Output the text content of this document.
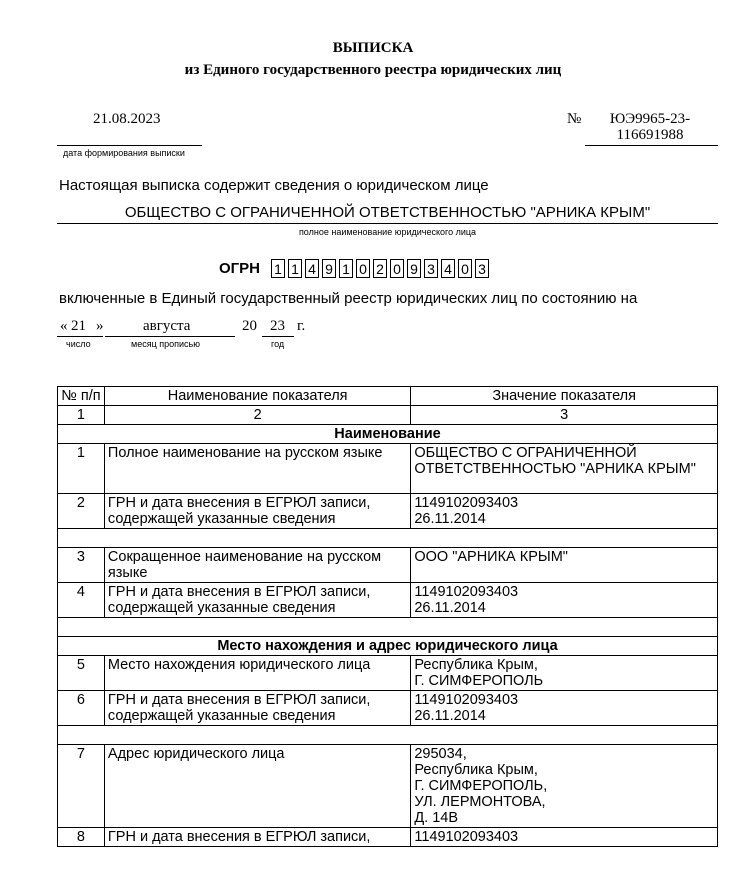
ВЫПИСКА
из Единого государственного реестра юридических лиц
21.08.2023
дата формирования выписки
№	ЮЭ9965-23-
116691988
Настоящая выписка содержит сведения о юридическом лице
ОБЩЕСТВО С ОГРАНИЧЕННОЙ ОТВЕТСТВЕННОСТЬЮ "АРНИКА КРЫМ"
полное наименование юридического лица
ОГРН 1 1 4 9 1 0 2 0 9 3 4 0 3
включенные в Единый государственный реестр юридических лиц по состоянию на
« 21 »	августа	20 23 г.
число	месяц прописью	год
№ п/п	Наименование показателя	Значение показателя
1	2	3
Наименование		
1	Полное наименование на русском языке	ОБЩЕСТВО С ОГРАНИЧЕННОЙ ОТВЕТСТВЕННОСТЬЮ "АРНИКА КРЫМ"
2	ГРН и дата внесения в ЕГРЮЛ записи, содержащей указанные сведения	1149102093403
26.11.2014

3	Сокращенное наименование на русском языке	ООО "АРНИКА КРЫМ"
4	ГРН и дата внесения в ЕГРЮЛ записи, содержащей указанные сведения	1149102093403
26.11.2014

Место нахождения и адрес юридического лица		
5	Место нахождения юридического лица	Республика Крым,
Г. СИМФЕРОПОЛЬ

6	ГРН и дата внесения в ЕГРЮЛ записи, содержащей указанные сведения	1149102093403
26.11.2014

7	Адрес юридического лица	295034,
Республика Крым,
Г. СИМФЕРОПОЛЬ,
УЛ. ЛЕРМОНТОВА,
Д. 14В

8	ГРН и дата внесения в ЕГРЮЛ записи,	1149102093403
